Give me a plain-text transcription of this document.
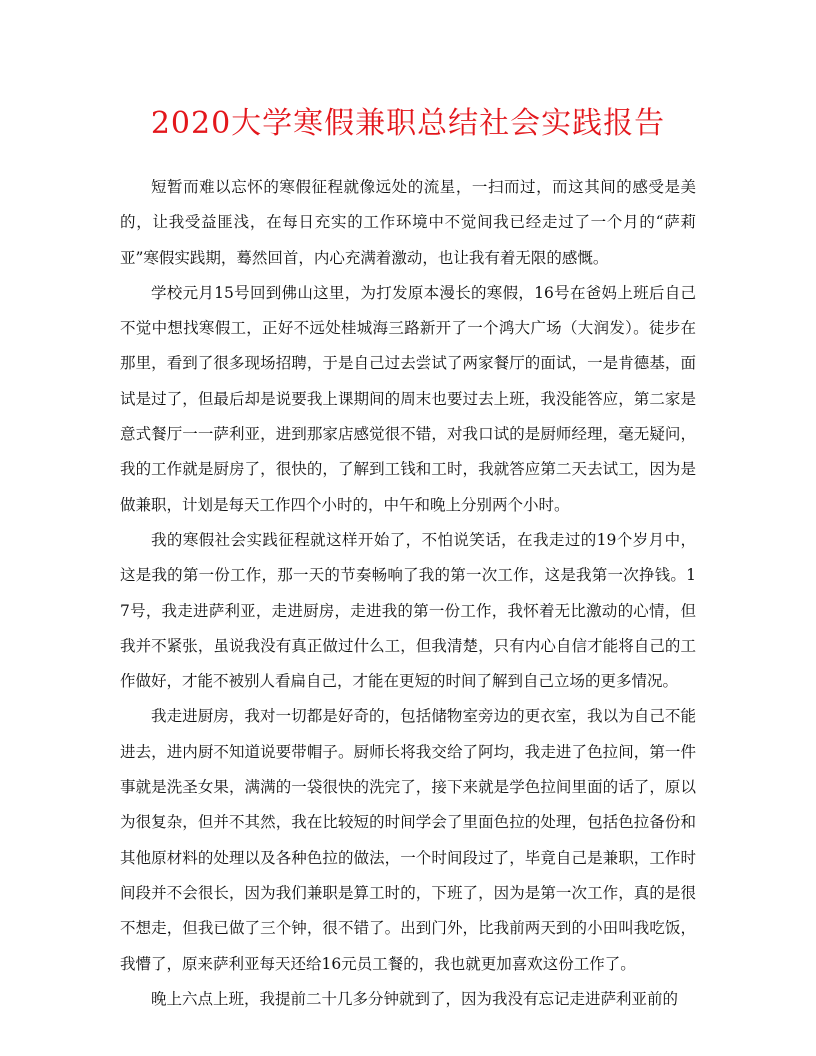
2020大学寒假兼职总结社会实践报告

短暂而难以忘怀的寒假征程就像远处的流星，一扫而过，而这其间的感受是美的，让我受益匪浅，在每日充实的工作环境中不觉间我已经走过了一个月的“萨莉亚”寒假实践期，蓦然回首，内心充满着激动，也让我有着无限的感慨。

学校元月15号回到佛山这里，为打发原本漫长的寒假，16号在爸妈上班后自己不觉中想找寒假工，正好不远处桂城海三路新开了一个鸿大广场（大润发）。徒步在那里，看到了很多现场招聘，于是自己过去尝试了两家餐厅的面试，一是肯德基，面试是过了，但最后却是说要我上课期间的周末也要过去上班，我没能答应，第二家是意式餐厅一一萨利亚，进到那家店感觉很不错，对我口试的是厨师经理，毫无疑问，我的工作就是厨房了，很快的，了解到工钱和工时，我就答应第二天去试工，因为是做兼职，计划是每天工作四个小时的，中午和晚上分别两个小时。

我的寒假社会实践征程就这样开始了，不怕说笑话，在我走过的19个岁月中，这是我的第一份工作，那一天的节奏畅响了我的第一次工作，这是我第一次挣钱。17号，我走进萨利亚，走进厨房，走进我的第一份工作，我怀着无比激动的心情，但我并不紧张，虽说我没有真正做过什么工，但我清楚，只有内心自信才能将自己的工作做好，才能不被别人看扁自己，才能在更短的时间了解到自己立场的更多情况。

我走进厨房，我对一切都是好奇的，包括储物室旁边的更衣室，我以为自己不能进去，进内厨不知道说要带帽子。厨师长将我交给了阿均，我走进了色拉间，第一件事就是洗圣女果，满满的一袋很快的洗完了，接下来就是学色拉间里面的话了，原以为很复杂，但并不其然，我在比较短的时间学会了里面色拉的处理，包括色拉备份和其他原材料的处理以及各种色拉的做法，一个时间段过了，毕竟自己是兼职，工作时间段并不会很长，因为我们兼职是算工时的，下班了，因为是第一次工作，真的是很不想走，但我已做了三个钟，很不错了。出到门外，比我前两天到的小田叫我吃饭，我懵了，原来萨利亚每天还给16元员工餐的，我也就更加喜欢这份工作了。

晚上六点上班，我提前二十几多分钟就到了，因为我没有忘记走进萨利亚前的
